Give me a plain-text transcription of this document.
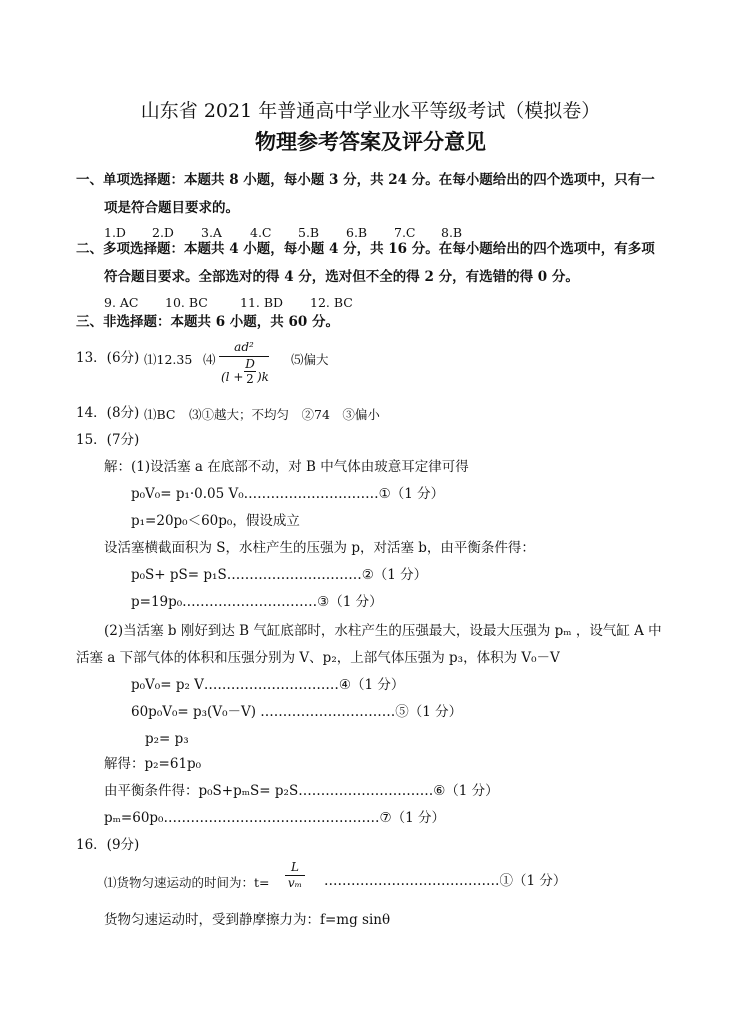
山东省 2021 年普通高中学业水平等级考试（模拟卷）
物理参考答案及评分意见
一、单项选择题：本题共 8 小题，每小题 3 分，共 24 分。在每小题给出的四个选项中，只有一
项是符合题目要求的。
1.D 2.D 3.A 4.C 5.B 6.B 7.C 8.B
二、多项选择题：本题共 4 小题，每小题 4 分，共 16 分。在每小题给出的四个选项中，有多项
符合题目要求。全部选对的得 4 分，选对但不全的得 2 分，有选错的得 0 分。
9. AC 10. BC	11. BD 12. BC
三、非选择题：本题共 6 小题，共 60 分。
13．(6分) ⑴12.35 ⑷
ad²
(l +
D
2 )k
⑸偏大
14．(8分) ⑴BC ⑶①越大；不均匀　②74　③偏小
15．(7分)
解：(1)设活塞 a 在底部不动，对 B 中气体由玻意耳定律可得
p₀V₀= p₁·0.05 V₀…………………………①（1 分）
p₁=20p₀＜60p₀，假设成立
设活塞横截面积为 S，水柱产生的压强为 p，对活塞 b，由平衡条件得：
p₀S+ pS= p₁S…………………………②（1 分）
p=19p₀…………………………③（1 分）
(2)当活塞 b 刚好到达 B 气缸底部时，水柱产生的压强最大，设最大压强为 pₘ ，设气缸 A 中
活塞 a 下部气体的体积和压强分别为 V、p₂，上部气体压强为 p₃，体积为 V₀－V
p₀V₀= p₂ V…………………………④（1 分）
60p₀V₀= p₃(V₀－V) …………………………⑤（1 分）
p₂= p₃
解得：p₂=61p₀
由平衡条件得：p₀S+pₘS= p₂S…………………………⑥（1 分）
pₘ=60p₀…………………………………………⑦（1 分）
16．(9分)
⑴货物匀速运动的时间为：t=
L
vₘ …………………………………①（1 分）
货物匀速运动时，受到静摩擦力为：f=mg sinθ
